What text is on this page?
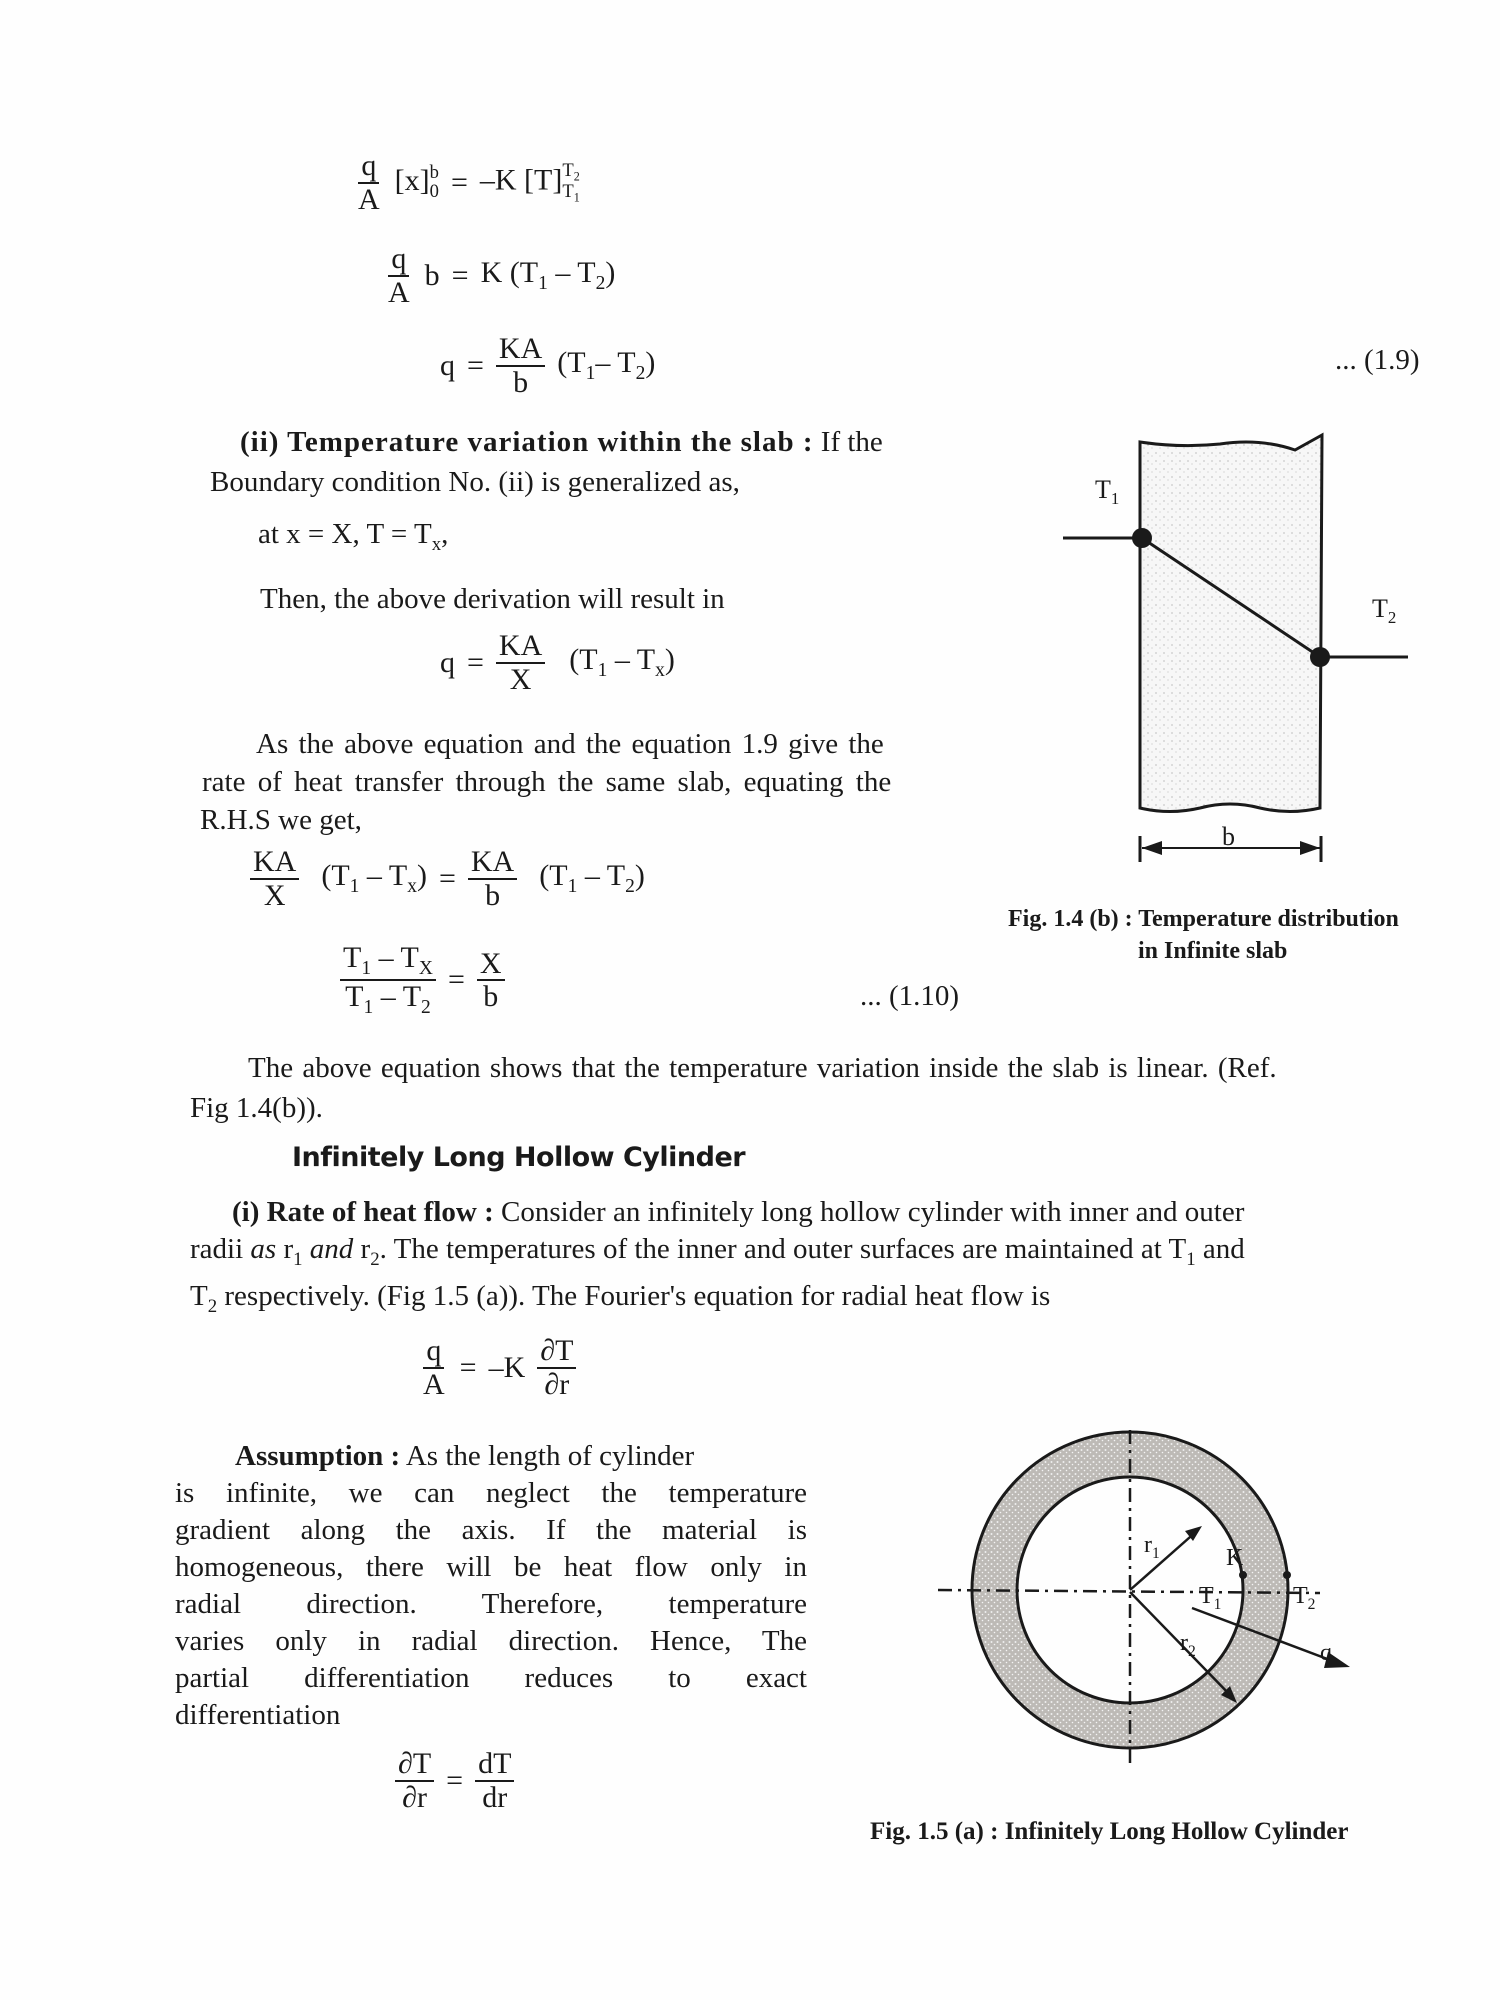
$\frac{q}{A} [x]$ b
0 = –K [T] $T_2$
$T_1$
$\frac{q}{A}$ b = K $(T_1 - T_2)$
$q = \frac{KA}{b} (T_1-$ $T_2$)	... (1.9)
(ii) Temperature variation within the slab : If the
Boundary condition No. (ii) is generalized as,
at x = X, $T = T_x$,
Then, the above derivation will result in
$q = \frac{KA}{X} (T_1 - T_x)$
As the above equation and the equation 1.9 give the
rate of heat transfer through the same slab, equating the
R.H.S we get,
$\frac{KA}{X} (T_1 - T_x) = \frac{KA}{b} (T_1 - T_2)$
$\frac{T_1 - T_X}{T_1 - T_2} = \frac{X}{b}$	... (1.10)
The above equation shows that the temperature variation inside the slab is linear. (Ref.
Fig 1.4(b)).
$T_1$
$T_2$
b
Fig. 1.4 (b) : Temperature distribution
in Infinite slab
Infinitely Long Hollow Cylinder
(i) Rate of heat flow : Consider an infinitely long hollow cylinder with inner and outer
radii as $r_1$ and $r_2$. The temperatures of the inner and outer surfaces are maintained at $T_1$ and
$T_2$ respectively. (Fig 1.5 (a)). The Fourier's equation for radial heat flow is
$\frac{q}{A} = -K \frac{\partial T}{\partial r}$
Assumption : As the length of cylinder
is infinite, we can neglect the temperature
gradient along the axis. If the material is
homogeneous, there will be heat flow only in
radial direction. Therefore, temperature
varies only in radial direction. Hence, The
partial differentiation reduces to exact
differentiation
$\frac{\partial T}{\partial r} = \frac{dT}{dr}$
$r_1$
$r_2$
K
$T_1$	$T_2$
q
Fig. 1.5 (a) : Infinitely Long Hollow Cylinder
